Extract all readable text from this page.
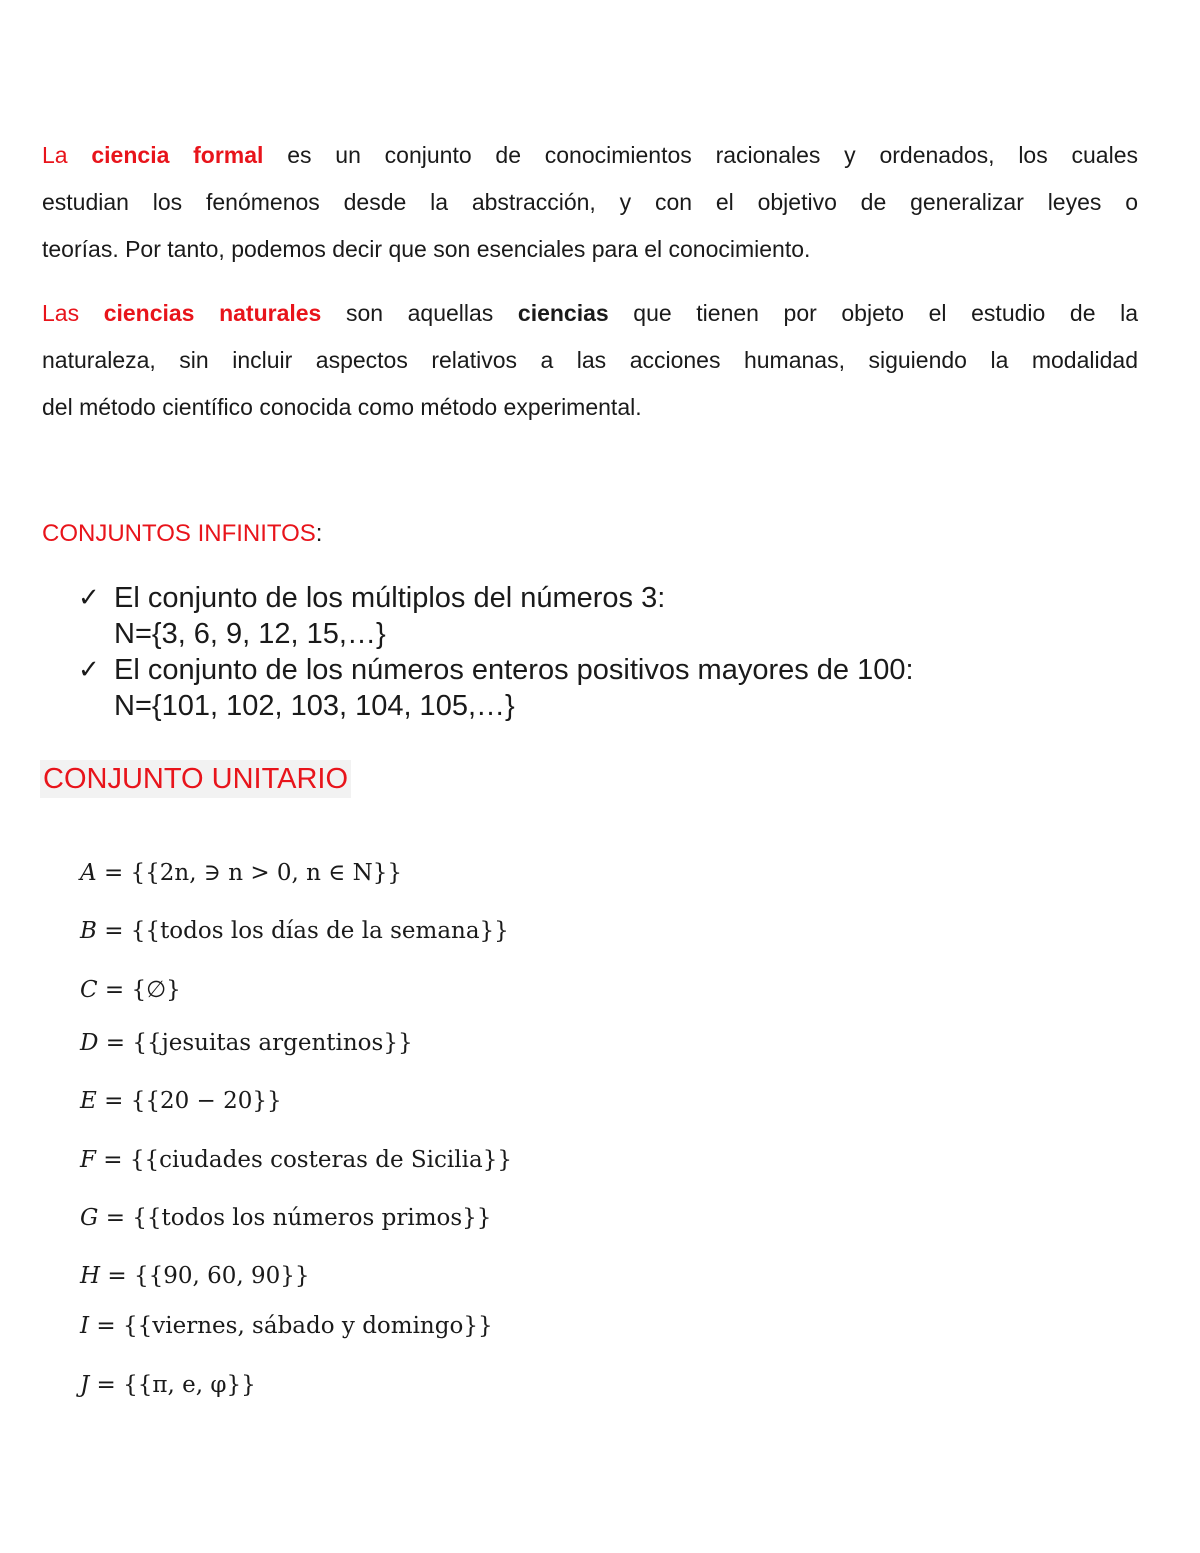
La ciencia formal es un conjunto de conocimientos racionales y ordenados, los cuales
estudian los fenómenos desde la abstracción, y con el objetivo de generalizar leyes o
teorías. Por tanto, podemos decir que son esenciales para el conocimiento.
Las ciencias naturales son aquellas ciencias que tienen por objeto el estudio de la
naturaleza, sin incluir aspectos relativos a las acciones humanas, siguiendo la modalidad
del método científico conocida como método experimental.
CONJUNTOS INFINITOS:
✓ El conjunto de los múltiplos del números 3:
N={3, 6, 9, 12, 15,…}
✓ El conjunto de los números enteros positivos mayores de 100:
N={101, 102, 103, 104, 105,…}
CONJUNTO UNITARIO
A = {{2n, ∋ n > 0, n ∈ N}}
B = {{todos los días de la semana}}
C = {∅}
D = {{jesuitas argentinos}}
E = {{20 − 20}}
F = {{ciudades costeras de Sicilia}}
G = {{todos los números primos}}
H = {{90, 60, 90}}
I = {{viernes, sábado y domingo}}
J = {{π, e, φ}}
